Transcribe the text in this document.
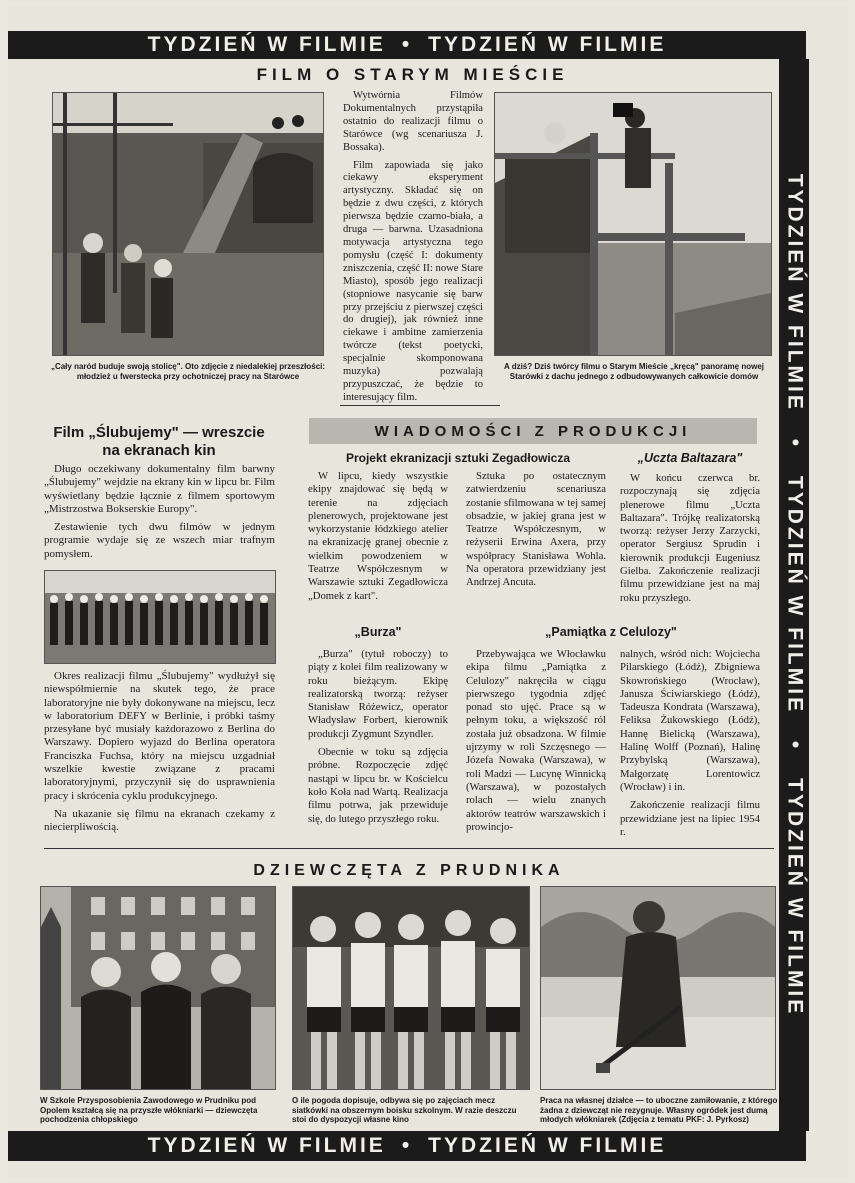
TYDZIEŃ W FILMIE • TYDZIEŃ W FILMIE
TYDZIEŃ W FILMIE • TYDZIEŃ W FILMIE • TYDZIEŃ W FILMIE
TYDZIEŃ W FILMIE • TYDZIEŃ W FILMIE
FILM O STARYM MIEŚCIE
„Cały naród buduje swoją stolicę". Oto zdjęcie z niedalekiej przeszłości: młodzież u fwerstecka przy ochotniczej pracy na Starówce

Wytwórnia Filmów Dokumentalnych przystąpiła ostatnio do realizacji filmu o Starówce (wg scenariusza J. Bossaka).

Film zapowiada się jako ciekawy eksperyment artystyczny. Składać się on będzie z dwu części, z których pierwsza będzie czarno-biała, a druga — barwna. Uzasadniona motywacja artystyczna tego pomysłu (część I: dokumenty zniszczenia, część II: nowe Stare Miasto), sposób jego realizacji (stopniowe nasycanie się barw przy przejściu z pierwszej części do drugiej), jak również inne ciekawe i ambitne zamierzenia twórcze (tekst poetycki, specjalnie skomponowana muzyka) pozwalają przypuszczać, że będzie to interesujący film.

A dziś? Dziś twórcy filmu o Starym Mieście „kręcą" panoramę nowej Starówki z dachu jednego z odbudowywanych całkowicie domów
Film „Ślubujemy" — wreszcie na ekranach kin

Długo oczekiwany dokumentalny film barwny „Ślubujemy" wejdzie na ekrany kin w lipcu br. Film wyświetlany będzie łącznie z filmem sportowym „Mistrzostwa Bokserskie Europy".

Zestawienie tych dwu filmów w jednym programie wydaje się ze wszech miar trafnym pomysłem.

Okres realizacji filmu „Ślubujemy" wydłużył się niewspółmiernie na skutek tego, że prace laboratoryjne nie były dokonywane na miejscu, lecz w laboratorium DEFY w Berlinie, i próbki taśmy przesyłane być musiały każdorazowo z Berlina do Warszawy. Dopiero wyjazd do Berlina operatora Franciszka Fuchsa, który na miejscu uzgadniał wszelkie kwestie związane z pracami laboratoryjnymi, przyczynił się do usprawnienia pracy i skrócenia cyklu produkcyjnego.

Na ukazanie się filmu na ekranach czekamy z niecierpliwością.

WIADOMOŚCI Z PRODUKCJI
Projekt ekranizacji sztuki Zegadłowicza

W lipcu, kiedy wszystkie ekipy znajdować się będą w terenie na zdjęciach plenerowych, projektowane jest wykorzystanie łódzkiego atelier na ekranizację granej obecnie z wielkim powodzeniem w Teatrze Współczesnym w Warszawie sztuki Zegadłowicza „Domek z kart".

Sztuka po ostatecznym zatwierdzeniu scenariusza zostanie sfilmowana w tej samej obsadzie, w jakiej grana jest w Teatrze Współczesnym, w reżyserii Erwina Axera, przy współpracy Stanisława Wohla. Na operatora przewidziany jest Andrzej Ancuta.

„Uczta Baltazara"

W końcu czerwca br. rozpoczynają się zdjęcia plenerowe filmu „Uczta Baltazara". Trójkę realizatorską tworzą: reżyser Jerzy Zarzycki, operator Sergiusz Sprudin i kierownik produkcji Eugeniusz Gielba. Zakończenie realizacji filmu przewidziane jest na maj roku przyszłego.

„Burza"

„Burza" (tytuł roboczy) to piąty z kolei film realizowany w roku bieżącym. Ekipę realizatorską tworzą: reżyser Stanisław Różewicz, operator Władysław Forbert, kierownik produkcji Zygmunt Szyndler.

Obecnie w toku są zdjęcia próbne. Rozpoczęcie zdjęć nastąpi w lipcu br. w Kościelcu koło Koła nad Wartą. Realizacja filmu potrwa, jak przewiduje się, do lutego przyszłego roku.

„Pamiątka z Celulozy"

Przebywająca we Włocławku ekipa filmu „Pamiątka z Celulozy" nakręciła w ciągu pierwszego tygodnia zdjęć ponad sto ujęć. Prace są w pełnym toku, a większość ról została już obsadzona. W filmie ujrzymy w roli Szczęsnego — Józefa Nowaka (Warszawa), w roli Madzi — Lucynę Winnicką (Warszawa), w pozostałych rolach — wielu znanych aktorów teatrów warszawskich i prowincjo-

nalnych, wśród nich: Wojciecha Pilarskiego (Łódź), Zbigniewa Skowrońskiego (Wrocław), Janusza Ściwiarskiego (Łódź), Tadeusza Kondrata (Warszawa), Feliksa Żukowskiego (Łódź), Hannę Bielicką (Warszawa), Halinę Wolff (Poznań), Halinę Przybylską (Warszawa), Małgorzatę Lorentowicz (Wrocław) i in.

Zakończenie realizacji filmu przewidziane jest na lipiec 1954 r.

DZIEWCZĘTA Z PRUDNIKA
W Szkole Przysposobienia Zawodowego w Prudniku pod Opolem kształcą się na przyszłe włókniarki — dziewczęta pochodzenia chłopskiego
O ile pogoda dopisuje, odbywa się po zajęciach mecz siatkówki na obszernym boisku szkolnym. W razie deszczu stoi do dyspozycji własne kino
Praca na własnej działce — to uboczne zamiłowanie, z którego żadna z dziewcząt nie rezygnuje. Własny ogródek jest dumą młodych włókniarek (Zdjęcia z tematu PKF: J. Pyrkosz)
